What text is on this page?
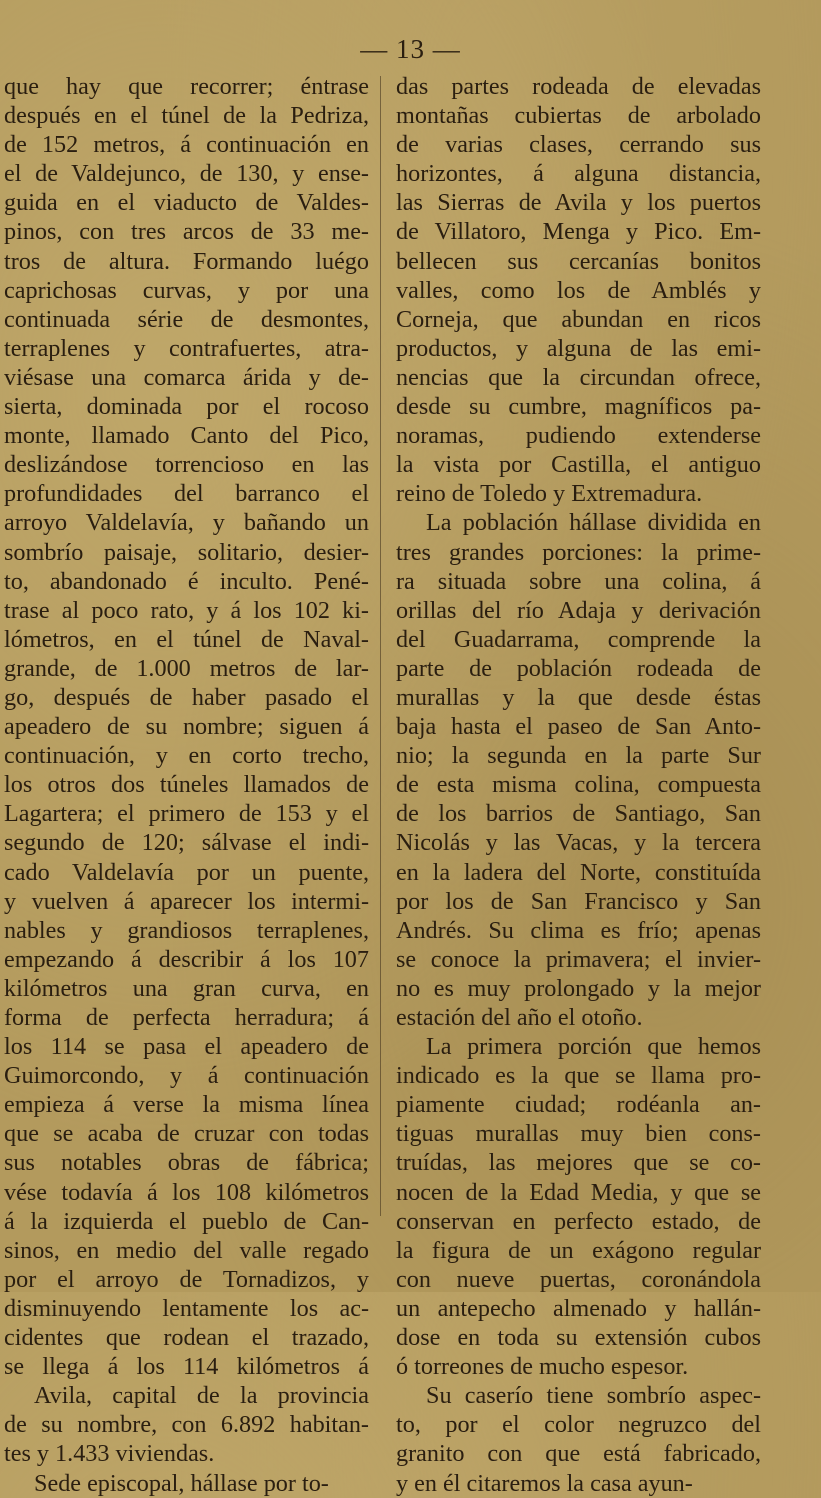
— 13 —
que hay que recorrer; éntrase
después en el túnel de la Pedriza,
de 152 metros, á continuación en
el de Valdejunco, de 130, y ense-
guida en el viaducto de Valdes-
pinos, con tres arcos de 33 me-
tros de altura. Formando luégo
caprichosas curvas, y por una
continuada série de desmontes,
terraplenes y contrafuertes, atra-
viésase una comarca árida y de-
sierta, dominada por el rocoso
monte, llamado Canto del Pico,
deslizándose torrencioso en las
profundidades del barranco el
arroyo Valdelavía, y bañando un
sombrío paisaje, solitario, desier-
to, abandonado é inculto. Pené-
trase al poco rato, y á los 102 ki-
lómetros, en el túnel de Naval-
grande, de 1.000 metros de lar-
go, después de haber pasado el
apeadero de su nombre; siguen á
continuación, y en corto trecho,
los otros dos túneles llamados de
Lagartera; el primero de 153 y el
segundo de 120; sálvase el indi-
cado Valdelavía por un puente,
y vuelven á aparecer los intermi-
nables y grandiosos terraplenes,
empezando á describir á los 107
kilómetros una gran curva, en
forma de perfecta herradura; á
los 114 se pasa el apeadero de
Guimorcondo, y á continuación
empieza á verse la misma línea
que se acaba de cruzar con todas
sus notables obras de fábrica;
vése todavía á los 108 kilómetros
á la izquierda el pueblo de Can-
sinos, en medio del valle regado
por el arroyo de Tornadizos, y
disminuyendo lentamente los ac-
cidentes que rodean el trazado,
se llega á los 114 kilómetros á
Avila, capital de la provincia
de su nombre, con 6.892 habitan-
tes y 1.433 viviendas.
Sede episcopal, hállase por to-
das partes rodeada de elevadas
montañas cubiertas de arbolado
de varias clases, cerrando sus
horizontes, á alguna distancia,
las Sierras de Avila y los puertos
de Villatoro, Menga y Pico. Em-
bellecen sus cercanías bonitos
valles, como los de Amblés y
Corneja, que abundan en ricos
productos, y alguna de las emi-
nencias que la circundan ofrece,
desde su cumbre, magníficos pa-
noramas, pudiendo extenderse
la vista por Castilla, el antiguo
reino de Toledo y Extremadura.
La población hállase dividida en
tres grandes porciones: la prime-
ra situada sobre una colina, á
orillas del río Adaja y derivación
del Guadarrama, comprende la
parte de población rodeada de
murallas y la que desde éstas
baja hasta el paseo de San Anto-
nio; la segunda en la parte Sur
de esta misma colina, compuesta
de los barrios de Santiago, San
Nicolás y las Vacas, y la tercera
en la ladera del Norte, constituída
por los de San Francisco y San
Andrés. Su clima es frío; apenas
se conoce la primavera; el invier-
no es muy prolongado y la mejor
estación del año el otoño.
La primera porción que hemos
indicado es la que se llama pro-
piamente ciudad; rodéanla an-
tiguas murallas muy bien cons-
truídas, las mejores que se co-
nocen de la Edad Media, y que se
conservan en perfecto estado, de
la figura de un exágono regular
con nueve puertas, coronándola
un antepecho almenado y hallán-
dose en toda su extensión cubos
ó torreones de mucho espesor.
Su caserío tiene sombrío aspec-
to, por el color negruzco del
granito con que está fabricado,
y en él citaremos la casa ayun-
